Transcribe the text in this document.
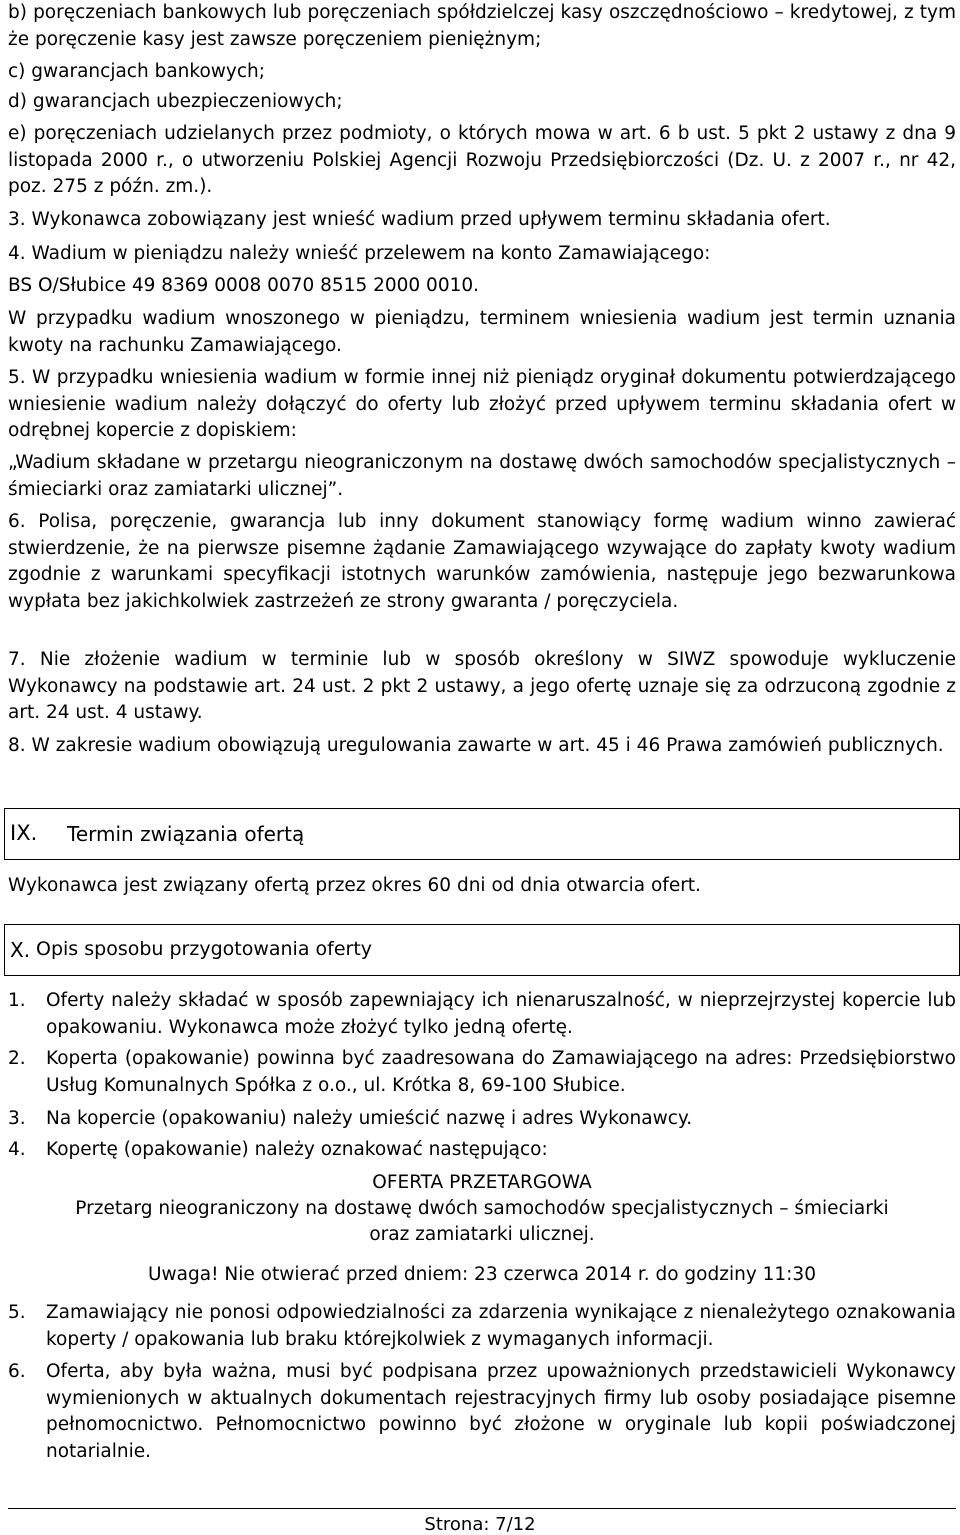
b) poręczeniach bankowych lub poręczeniach spółdzielczej kasy oszczędnościowo – kredytowej, z tym że poręczenie kasy jest zawsze poręczeniem pieniężnym;
c) gwarancjach bankowych;
d) gwarancjach ubezpieczeniowych;
e) poręczeniach udzielanych przez podmioty, o których mowa w art. 6 b ust. 5 pkt 2 ustawy z dna 9 listopada 2000 r., o utworzeniu Polskiej Agencji Rozwoju Przedsiębiorczości (Dz. U. z 2007 r., nr 42, poz. 275 z późn. zm.).
3. Wykonawca zobowiązany jest wnieść wadium przed upływem terminu składania ofert.
4. Wadium w pieniądzu należy wnieść przelewem na konto Zamawiającego:
BS O/Słubice 49 8369 0008 0070 8515 2000 0010.
W przypadku wadium wnoszonego w pieniądzu, terminem wniesienia wadium jest termin uznania kwoty na rachunku Zamawiającego.
5. W przypadku wniesienia wadium w formie innej niż pieniądz oryginał dokumentu potwierdzającego wniesienie wadium należy dołączyć do oferty lub złożyć przed upływem terminu składania ofert w odrębnej kopercie z dopiskiem:
„Wadium składane w przetargu nieograniczonym na dostawę dwóch samochodów specjalistycznych – śmieciarki oraz zamiatarki ulicznej”.
6. Polisa, poręczenie, gwarancja lub inny dokument stanowiący formę wadium winno zawierać stwierdzenie, że na pierwsze pisemne żądanie Zamawiającego wzywające do zapłaty kwoty wadium zgodnie z warunkami specyfikacji istotnych warunków zamówienia, następuje jego bezwarunkowa wypłata bez jakichkolwiek zastrzeżeń ze strony gwaranta / poręczyciela.
7. Nie złożenie wadium w terminie lub w sposób określony w SIWZ spowoduje wykluczenie Wykonawcy na podstawie art. 24 ust. 2 pkt 2 ustawy, a jego ofertę uznaje się za odrzuconą zgodnie z art. 24 ust. 4 ustawy.
8. W zakresie wadium obowiązują uregulowania zawarte w art. 45 i 46 Prawa zamówień publicznych.
IX. Termin związania ofertą
Wykonawca jest związany ofertą przez okres 60 dni od dnia otwarcia ofert.
X. Opis sposobu przygotowania oferty
1.	Oferty należy składać w sposób zapewniający ich nienaruszalność, w nieprzejrzystej kopercie lub opakowaniu. Wykonawca może złożyć tylko jedną ofertę.
2.	Koperta (opakowanie) powinna być zaadresowana do Zamawiającego na adres: Przedsiębiorstwo Usług Komunalnych Spółka z o.o., ul. Krótka 8, 69-100 Słubice.
3.	Na kopercie (opakowaniu) należy umieścić nazwę i adres Wykonawcy.
4.	Kopertę (opakowanie) należy oznakować następująco:
OFERTA PRZETARGOWA
Przetarg nieograniczony na dostawę dwóch samochodów specjalistycznych – śmieciarki
oraz zamiatarki ulicznej.
Uwaga! Nie otwierać przed dniem: 23 czerwca 2014 r. do godziny 11:30
5.	Zamawiający nie ponosi odpowiedzialności za zdarzenia wynikające z nienależytego oznakowania koperty / opakowania lub braku którejkolwiek z wymaganych informacji.
6.	Oferta, aby była ważna, musi być podpisana przez upoważnionych przedstawicieli Wykonawcy wymienionych w aktualnych dokumentach rejestracyjnych firmy lub osoby posiadające pisemne pełnomocnictwo. Pełnomocnictwo powinno być złożone w oryginale lub kopii poświadczonej notarialnie.
Strona: 7/12
